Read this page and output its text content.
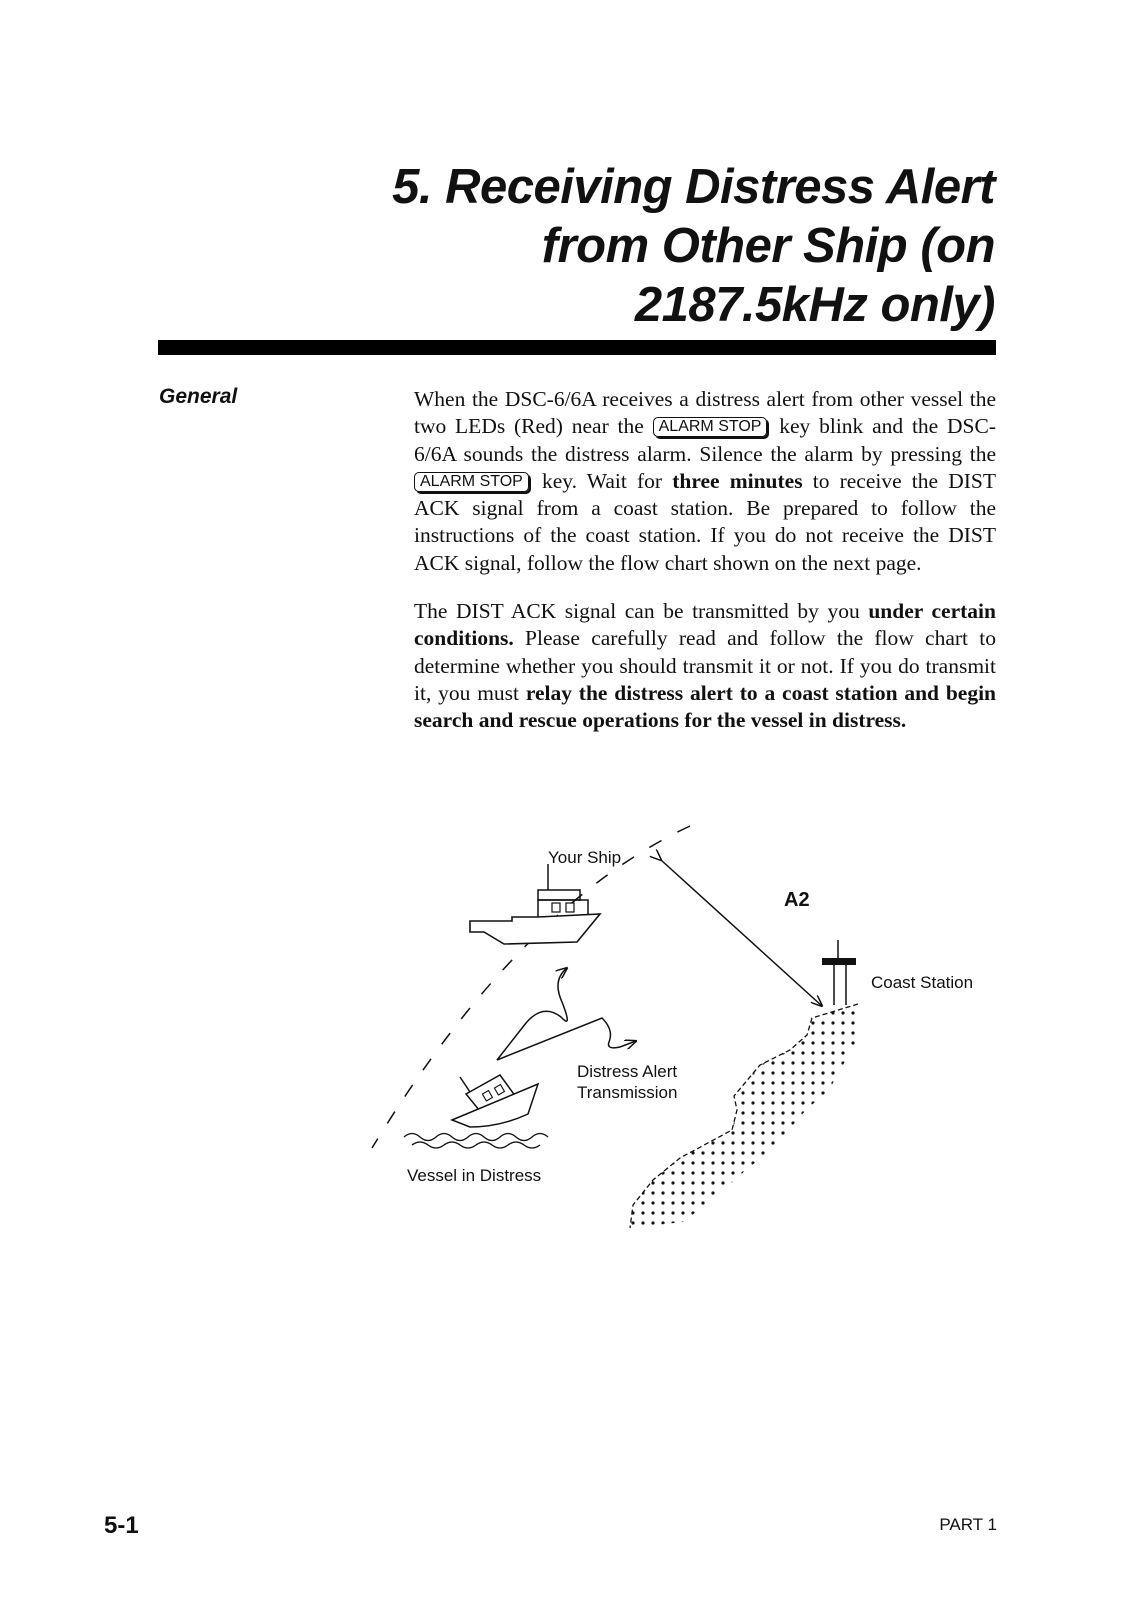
5. Receiving Distress Alert
from Other Ship (on
2187.5kHz only)
General	When the DSC-6/6A receives a distress alert from other vessel the two LEDs (Red) near the ALARM STOP key blink and the DSC-6/6A sounds the distress alarm. Silence the alarm by pressing the ALARM STOP key. Wait for three minutes to receive the DIST ACK signal from a coast station. Be prepared to follow the instructions of the coast station. If you do not receive the DIST ACK signal, follow the flow chart shown on the next page.

The DIST ACK signal can be transmitted by you under certain conditions. Please carefully read and follow the flow chart to determine whether you should transmit it or not. If you do transmit it, you must relay the distress alert to a coast station and begin search and rescue operations for the vessel in distress.

Your Ship
A2
Coast Station
Distress Alert
Transmission
Vessel in Distress
5-1	PART 1
